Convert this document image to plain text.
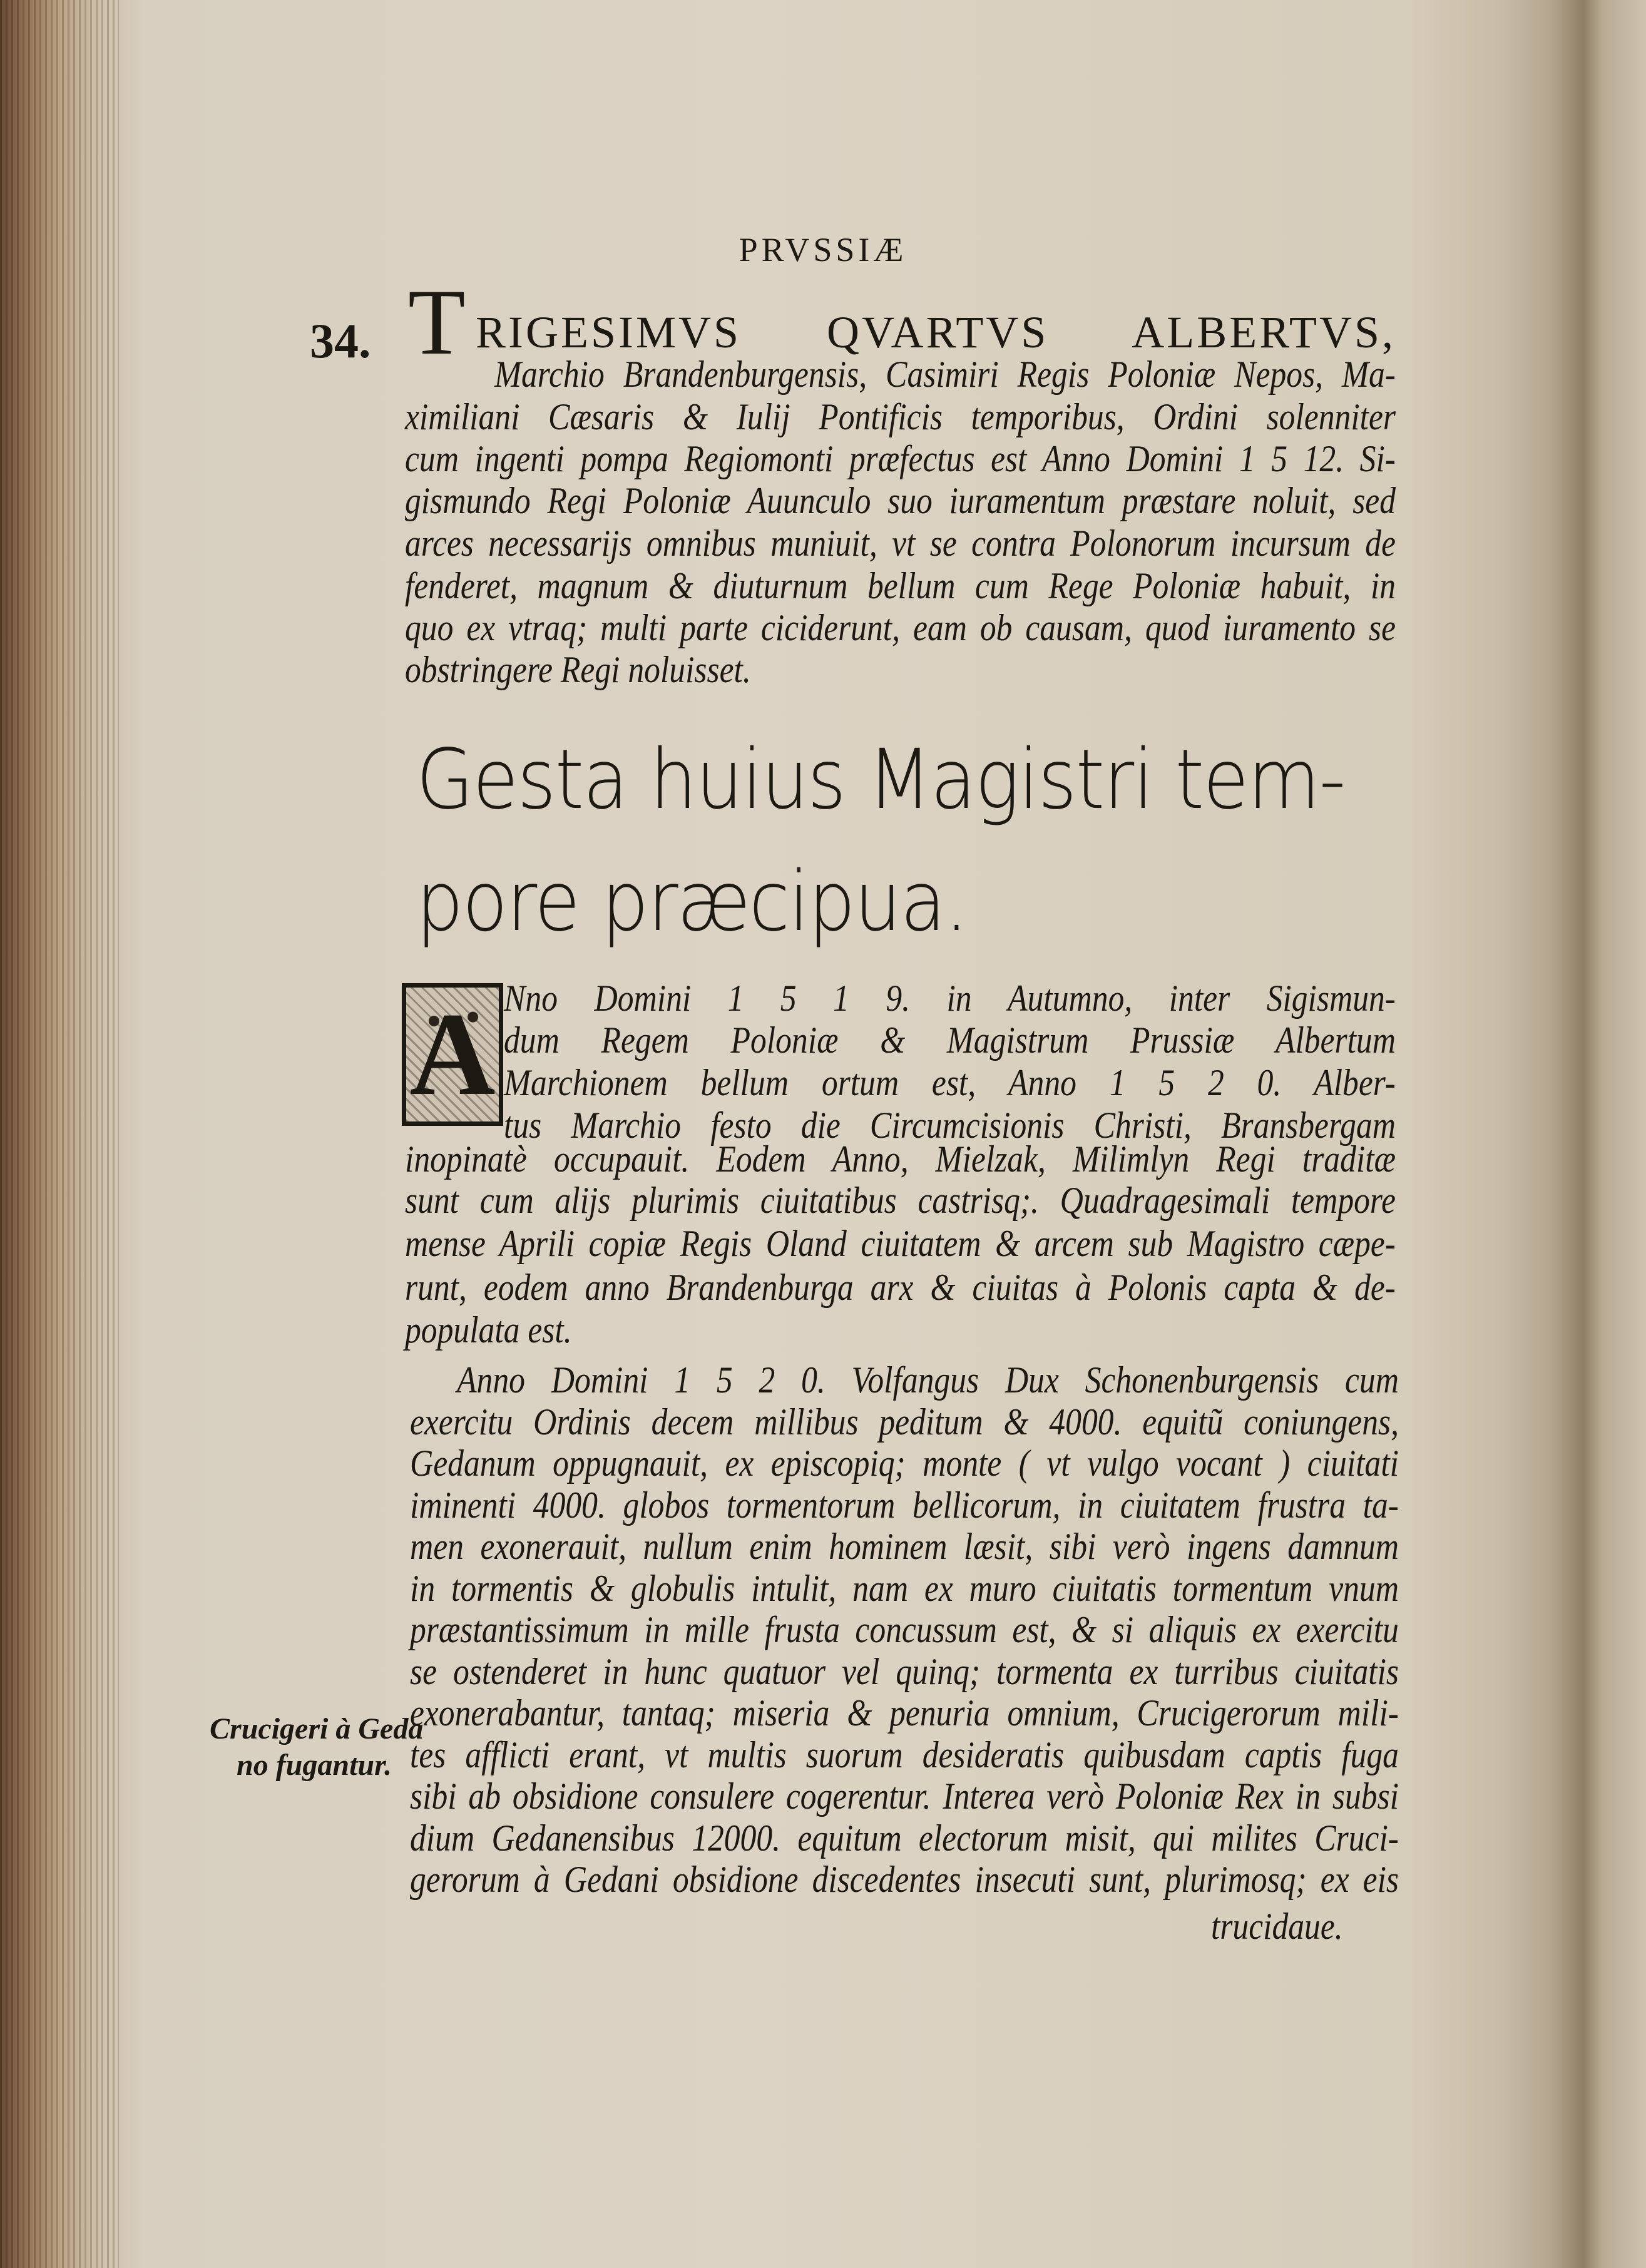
PRVSSIÆ
34. T RIGESIMVS QVARTVS ALBERTVS,
Marchio Brandenburgensis, Casimiri Regis Poloniæ Nepos, Ma-
ximiliani Cæsaris & Iulij Pontificis temporibus, Ordini solenniter
cum ingenti pompa Regiomonti præfectus est Anno Domini 1 5 12. Si-
gismundo Regi Poloniæ Auunculo suo iuramentum præstare noluit, sed
arces necessarijs omnibus muniuit, vt se contra Polonorum incursum de
fenderet, magnum & diuturnum bellum cum Rege Poloniæ habuit, in
quo ex vtraq; multi parte ciciderunt, eam ob causam, quod iuramento se
obstringere Regi noluisset.
Gesta huius Magistri tem-
pore præcipua.
A Nno Domini 1 5 1 9. in Autumno, inter Sigismun-
dum Regem Poloniæ & Magistrum Prussiæ Albertum
Marchionem bellum ortum est, Anno 1 5 2 0. Alber-
tus Marchio festo die Circumcisionis Christi, Bransbergam
inopinatè occupauit. Eodem Anno, Mielzak, Milimlyn Regi traditæ
sunt cum alijs plurimis ciuitatibus castrisq;. Quadragesimali tempore
mense Aprili copiæ Regis Oland ciuitatem & arcem sub Magistro cæpe-
runt, eodem anno Brandenburga arx & ciuitas à Polonis capta & de-
populata est.
Anno Domini 1 5 2 0. Volfangus Dux Schonenburgensis cum
exercitu Ordinis decem millibus peditum & 4000. equitũ coniungens,
Gedanum oppugnauit, ex episcopiq; monte ( vt vulgo vocant ) ciuitati
iminenti 4000. globos tormentorum bellicorum, in ciuitatem frustra ta-
men exonerauit, nullum enim hominem læsit, sibi verò ingens damnum
in tormentis & globulis intulit, nam ex muro ciuitatis tormentum vnum
præstantissimum in mille frusta concussum est, & si aliquis ex exercitu
se ostenderet in hunc quatuor vel quinq; tormenta ex turribus ciuitatis
exonerabantur, tantaq; miseria & penuria omnium, Crucigerorum mili-
tes afflicti erant, vt multis suorum desideratis quibusdam captis fuga
sibi ab obsidione consulere cogerentur. Interea verò Poloniæ Rex in subsi
dium Gedanensibus 12000. equitum electorum misit, qui milites Cruci-
gerorum à Gedani obsidione discedentes insecuti sunt, plurimosq; ex eis
trucidaue.
Crucigeri à Geda
no fugantur.
